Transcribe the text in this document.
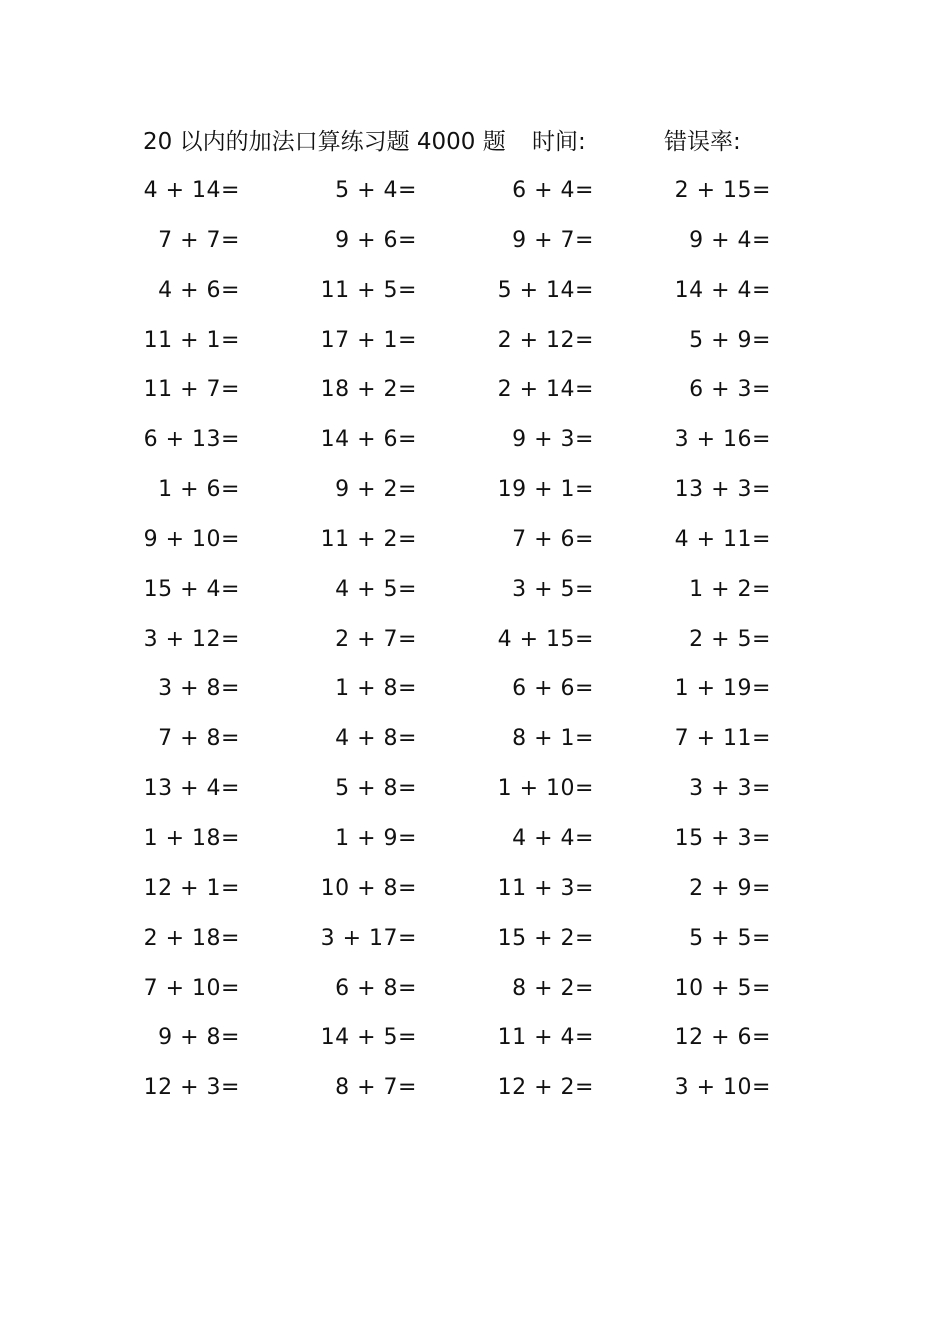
20 以内的加法口算练习题 4000 题 时间:	错误率:
4 + 14=	5 + 4=	6 + 4=	2 + 15=
7 + 7=	9 + 6=	9 + 7=	9 + 4=
4 + 6=	11 + 5=	5 + 14=	14 + 4=
11 + 1=	17 + 1=	2 + 12=	5 + 9=
11 + 7=	18 + 2=	2 + 14=	6 + 3=
6 + 13=	14 + 6=	9 + 3=	3 + 16=
1 + 6=	9 + 2=	19 + 1=	13 + 3=
9 + 10=	11 + 2=	7 + 6=	4 + 11=
15 + 4=	4 + 5=	3 + 5=	1 + 2=
3 + 12=	2 + 7=	4 + 15=	2 + 5=
3 + 8=	1 + 8=	6 + 6=	1 + 19=
7 + 8=	4 + 8=	8 + 1=	7 + 11=
13 + 4=	5 + 8=	1 + 10=	3 + 3=
1 + 18=	1 + 9=	4 + 4=	15 + 3=
12 + 1=	10 + 8=	11 + 3=	2 + 9=
2 + 18=	3 + 17=	15 + 2=	5 + 5=
7 + 10=	6 + 8=	8 + 2=	10 + 5=
9 + 8=	14 + 5=	11 + 4=	12 + 6=
12 + 3=	8 + 7=	12 + 2=	3 + 10=
